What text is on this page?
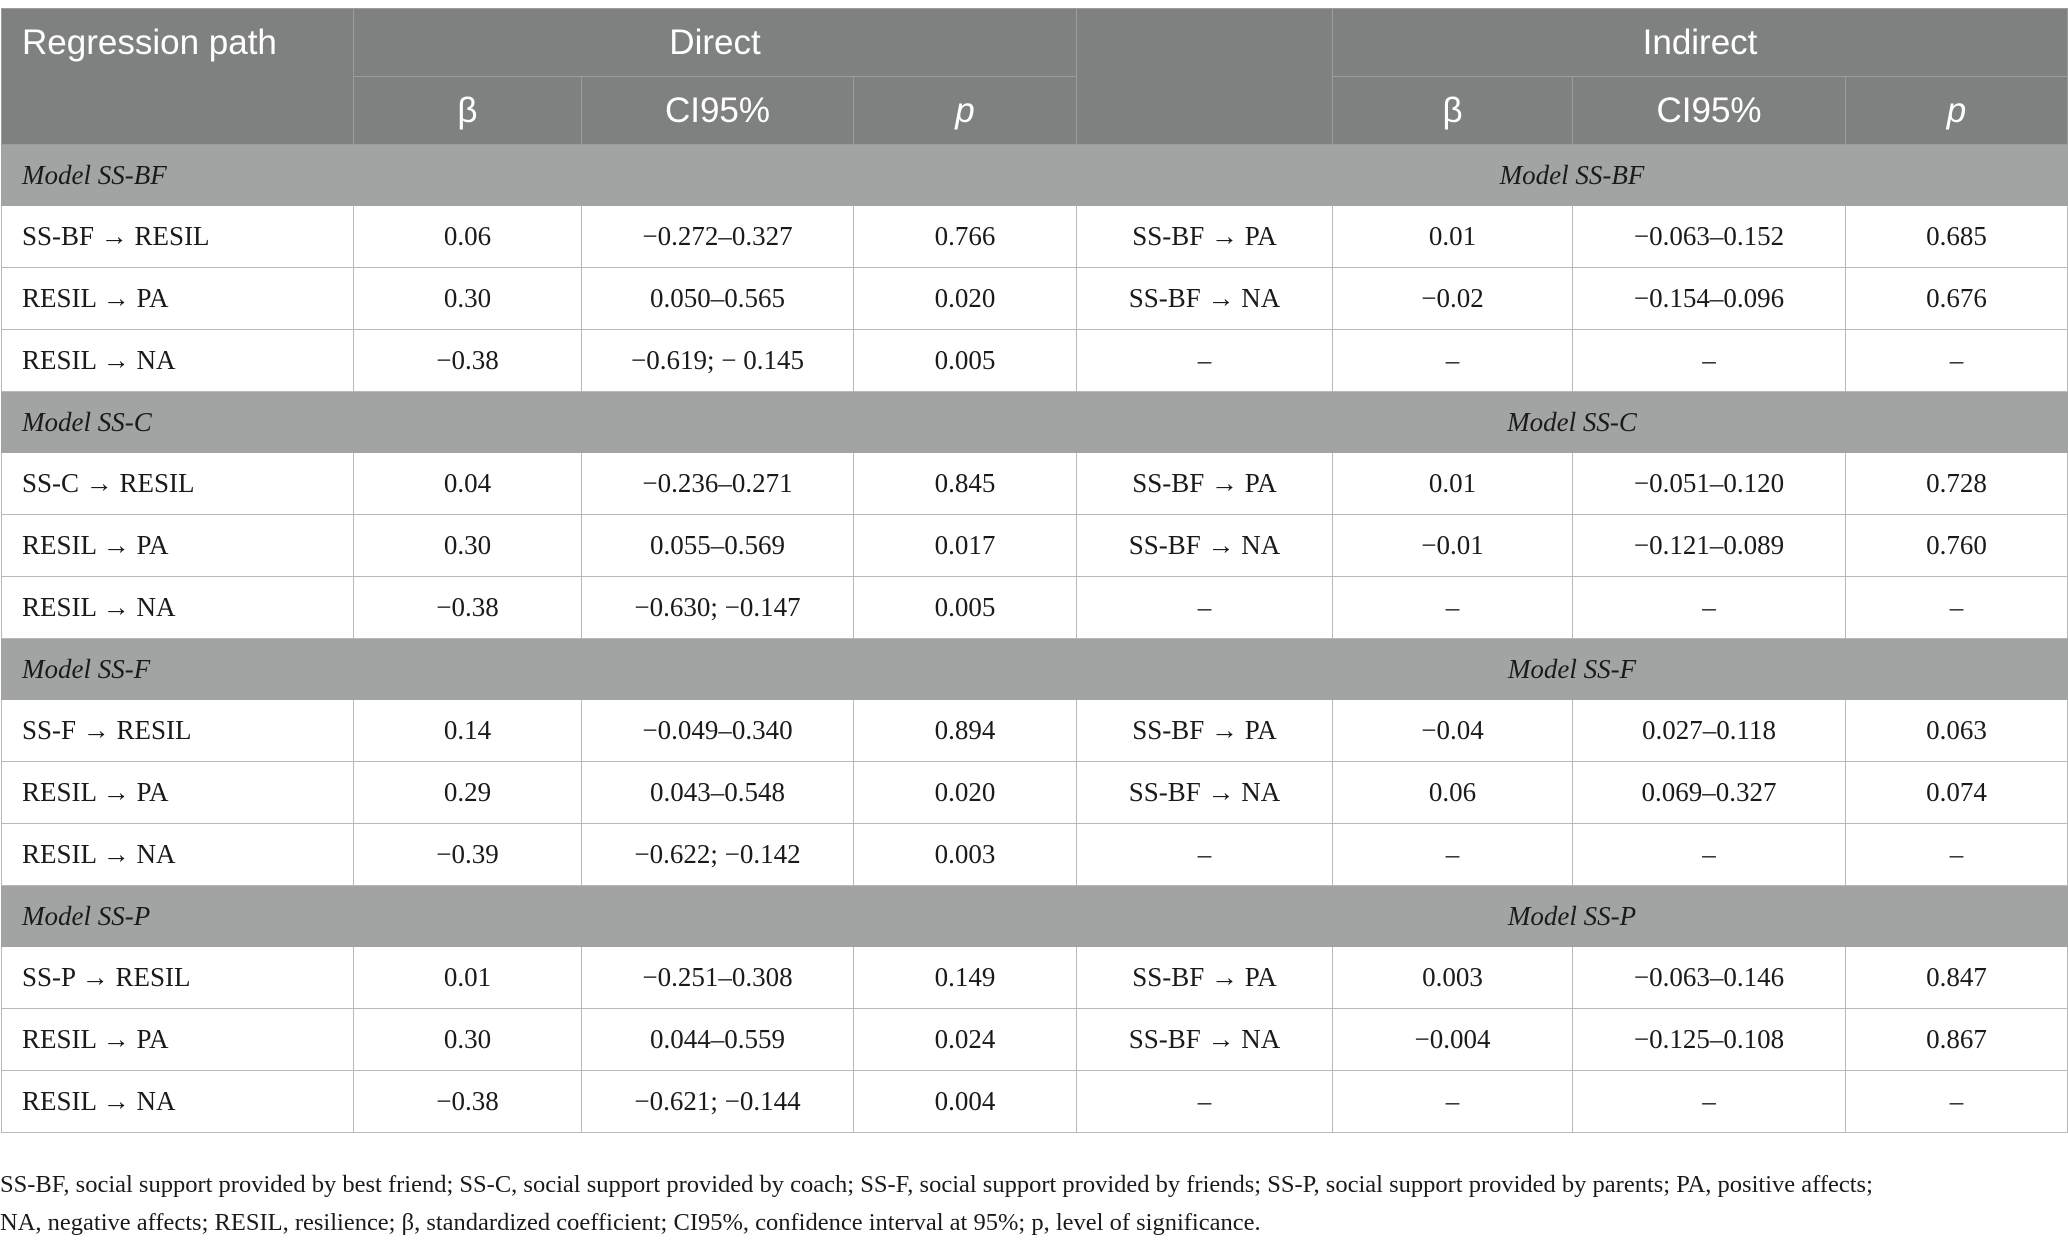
Regression path	Direct				Indirect		
	β	CI95%	p		β	CI95%	p
Model SS-BF				Model SS-BF			
SS-BF → RESIL	0.06	−0.272–0.327	0.766	SS-BF → PA	0.01	−0.063–0.152	0.685
RESIL → PA	0.30	0.050–0.565	0.020	SS-BF → NA	−0.02	−0.154–0.096	0.676
RESIL → NA	−0.38	−0.619; − 0.145	0.005	–	–	–	–
Model SS-C				Model SS-C			
SS-C → RESIL	0.04	−0.236–0.271	0.845	SS-BF → PA	0.01	−0.051–0.120	0.728
RESIL → PA	0.30	0.055–0.569	0.017	SS-BF → NA	−0.01	−0.121–0.089	0.760
RESIL → NA	−0.38	−0.630; −0.147	0.005	–	–	–	–
Model SS-F				Model SS-F			
SS-F → RESIL	0.14	−0.049–0.340	0.894	SS-BF → PA	−0.04	0.027–0.118	0.063
RESIL → PA	0.29	0.043–0.548	0.020	SS-BF → NA	0.06	0.069–0.327	0.074
RESIL → NA	−0.39	−0.622; −0.142	0.003	–	–	–	–
Model SS-P				Model SS-P			
SS-P → RESIL	0.01	−0.251–0.308	0.149	SS-BF → PA	0.003	−0.063–0.146	0.847
RESIL → PA	0.30	0.044–0.559	0.024	SS-BF → NA	−0.004	−0.125–0.108	0.867
RESIL → NA	−0.38	−0.621; −0.144	0.004	–	–	–	–

SS-BF, social support provided by best friend; SS-C, social support provided by coach; SS-F, social support provided by friends; SS-P, social support provided by parents; PA, positive affects;

NA, negative affects; RESIL, resilience; β, standardized coefficient; CI95%, confidence interval at 95%; p, level of significance.
